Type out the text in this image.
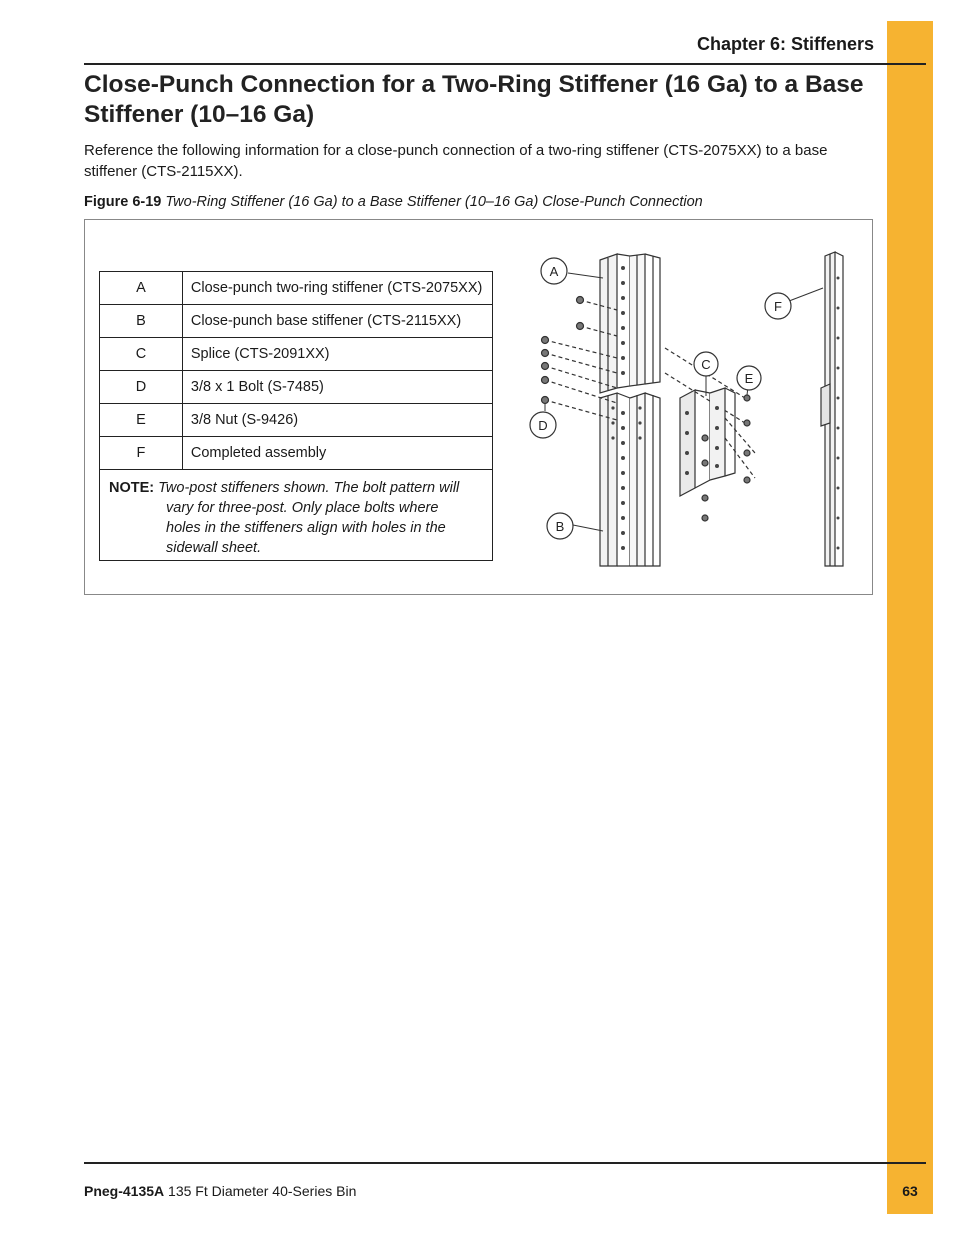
Chapter 6: Stiffeners
Close-Punch Connection for a Two-Ring Stiffener (16 Ga) to a Base Stiffener (10–16 Ga)

Reference the following information for a close-punch connection of a two-ring stiffener (CTS-2075XX) to a base stiffener (CTS-2115XX).

Figure 6-19 Two-Ring Stiffener (16 Ga) to a Base Stiffener (10–16 Ga) Close-Punch Connection
A	Close-punch two-ring stiffener (CTS-2075XX)
B	Close-punch base stiffener (CTS-2115XX)
C	Splice (CTS-2091XX)
D	3/8 x 1 Bolt (S-7485)
E	3/8 Nut (S-9426)
F	Completed assembly
NOTE: Two-post stiffeners shown. The bolt pattern will
vary for three-post. Only place bolts where
holes in the stiffeners align with holes in the
sidewall sheet.	
A
D
B
C
E
F
Pneg-4135A 135 Ft Diameter 40-Series Bin	63
